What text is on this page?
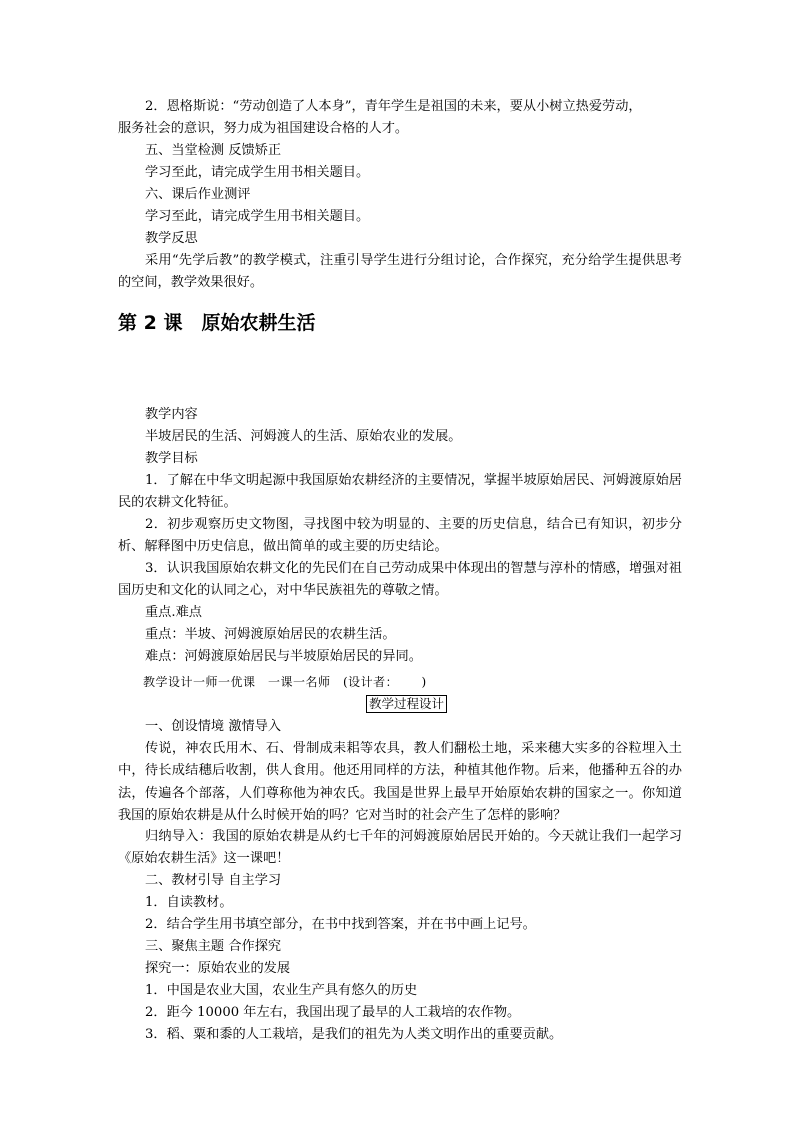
2．恩格斯说：“劳动创造了人本身”，青年学生是祖国的未来，要从小树立热爱劳动，
服务社会的意识，努力成为祖国建设合格的人才。
五、当堂检测 反馈矫正
学习至此，请完成学生用书相关题目。
六、课后作业测评
学习至此，请完成学生用书相关题目。
教学反思
采用“先学后教”的教学模式，注重引导学生进行分组讨论，合作探究，充分给学生提供思考的空间，教学效果很好。
第 2 课　原始农耕生活
教学内容
半坡居民的生活、河姆渡人的生活、原始农业的发展。
教学目标
1．了解在中华文明起源中我国原始农耕经济的主要情况，掌握半坡原始居民、河姆渡原始居民的农耕文化特征。
2．初步观察历史文物图，寻找图中较为明显的、主要的历史信息，结合已有知识，初步分析、解释图中历史信息，做出简单的或主要的历史结论。
3．认识我国原始农耕文化的先民们在自己劳动成果中体现出的智慧与淳朴的情感，增强对祖国历史和文化的认同之心，对中华民族祖先的尊敬之情。
重点.难点
重点：半坡、河姆渡原始居民的农耕生活。
难点：河姆渡原始居民与半坡原始居民的异同。
教学设计一师一优课　一课一名师　(设计者：　　 )
教学过程设计
一、创设情境 激情导入
传说，神农氏用木、石、骨制成耒耜等农具，教人们翻松土地，采来穗大实多的谷粒埋入土中，待长成结穗后收割，供人食用。他还用同样的方法，种植其他作物。后来，他播种五谷的办法，传遍各个部落，人们尊称他为神农氏。我国是世界上最早开始原始农耕的国家之一。你知道我国的原始农耕是从什么时候开始的吗？它对当时的社会产生了怎样的影响？
归纳导入：我国的原始农耕是从约七千年的河姆渡原始居民开始的。今天就让我们一起学习《原始农耕生活》这一课吧！
二、教材引导 自主学习
1．自读教材。
2．结合学生用书填空部分，在书中找到答案，并在书中画上记号。
三、聚焦主题 合作探究
探究一：原始农业的发展
1．中国是农业大国，农业生产具有悠久的历史
2．距今 10000 年左右，我国出现了最早的人工栽培的农作物。
3．稻、粟和黍的人工栽培，是我们的祖先为人类文明作出的重要贡献。
